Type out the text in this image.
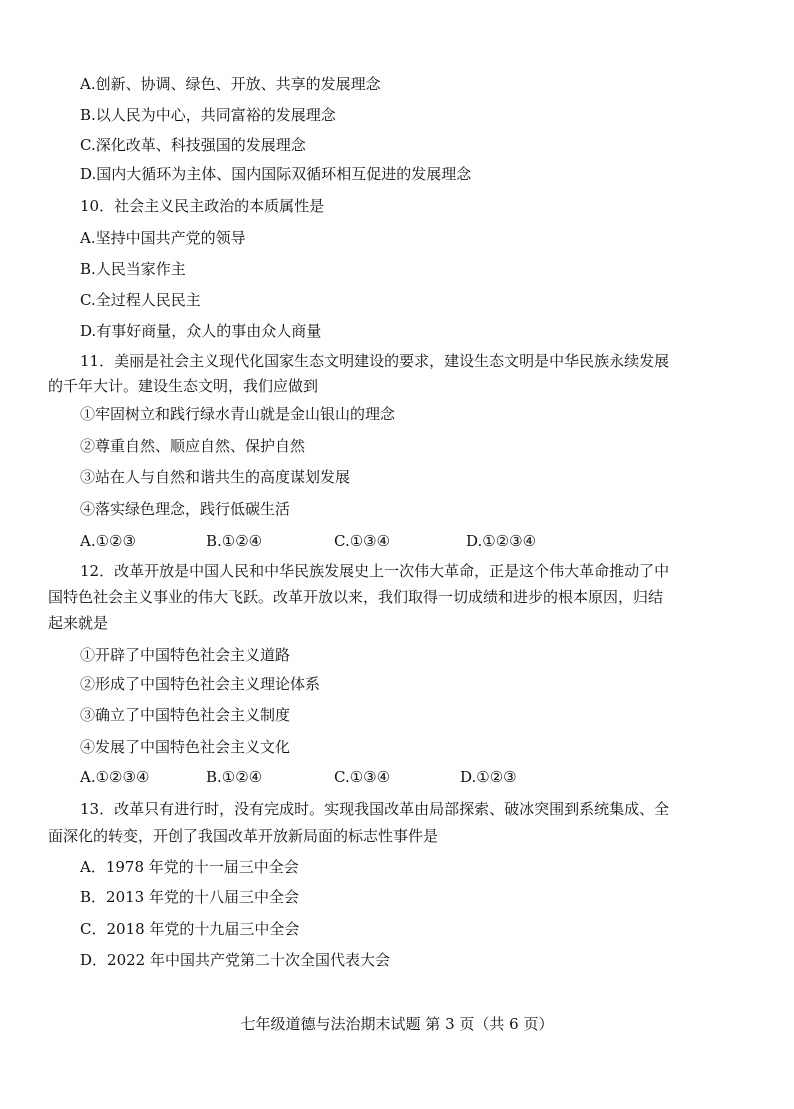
A.创新、协调、绿色、开放、共享的发展理念
B.以人民为中心，共同富裕的发展理念
C.深化改革、科技强国的发展理念
D.国内大循环为主体、国内国际双循环相互促进的发展理念
10．社会主义民主政治的本质属性是
A.坚持中国共产党的领导
B.人民当家作主
C.全过程人民民主
D.有事好商量，众人的事由众人商量
11．美丽是社会主义现代化国家生态文明建设的要求，建设生态文明是中华民族永续发展
的千年大计。建设生态文明，我们应做到
①牢固树立和践行绿水青山就是金山银山的理念
②尊重自然、顺应自然、保护自然
③站在人与自然和谐共生的高度谋划发展
④落实绿色理念，践行低碳生活
A.①②③	B.①②④	C.①③④	D.①②③④
12．改革开放是中国人民和中华民族发展史上一次伟大革命，正是这个伟大革命推动了中
国特色社会主义事业的伟大飞跃。改革开放以来，我们取得一切成绩和进步的根本原因，归结
起来就是
①开辟了中国特色社会主义道路
②形成了中国特色社会主义理论体系
③确立了中国特色社会主义制度
④发展了中国特色社会主义文化
A.①②③④	B.①②④	C.①③④	D.①②③
13．改革只有进行时，没有完成时。实现我国改革由局部探索、破冰突围到系统集成、全
面深化的转变，开创了我国改革开放新局面的标志性事件是
A．1978 年党的十一届三中全会
B．2013 年党的十八届三中全会
C．2018 年党的十九届三中全会
D．2022 年中国共产党第二十次全国代表大会
七年级道德与法治期末试题 第 3 页（共 6 页）
